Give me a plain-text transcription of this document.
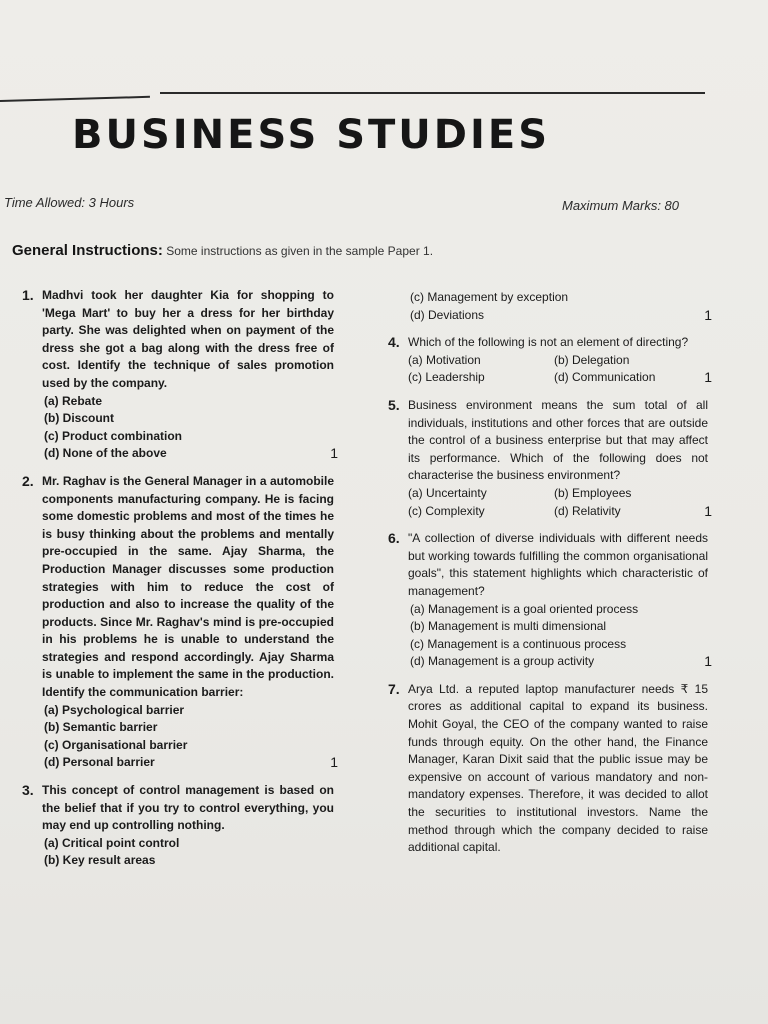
BUSINESS STUDIES
Time Allowed: 3 Hours	Maximum Marks: 80
General Instructions: Some instructions as given in the sample Paper 1.
1. Madhvi took her daughter Kia for shopping to 'Mega Mart' to buy her a dress for her birthday party. She was delighted when on payment of the dress she got a bag along with the dress free of cost. Identify the technique of sales promotion used by the company.
(a) Rebate
(b) Discount
(c) Product combination
(d) None of the above	1
2. Mr. Raghav is the General Manager in a automobile components manufacturing company. He is facing some domestic problems and most of the times he is busy thinking about the problems and mentally pre-occupied in the same. Ajay Sharma, the Production Manager discusses some production strategies with him to reduce the cost of production and also to increase the quality of the products. Since Mr. Raghav's mind is pre-occupied in his problems he is unable to understand the strategies and respond accordingly. Ajay Sharma is unable to implement the same in the production. Identify the communication barrier:
(a) Psychological barrier
(b) Semantic barrier
(c) Organisational barrier
(d) Personal barrier	1
3. This concept of control management is based on the belief that if you try to control everything, you may end up controlling nothing.
(a) Critical point control
(b) Key result areas
(c) Management by exception
(d) Deviations	1
4. Which of the following is not an element of directing?
(a) Motivation	(b) Delegation
(c) Leadership	(d) Communication	1
5. Business environment means the sum total of all individuals, institutions and other forces that are outside the control of a business enterprise but that may affect its performance. Which of the following does not characterise the business environment?
(a) Uncertainty	(b) Employees
(c) Complexity	(d) Relativity	1
6. "A collection of diverse individuals with different needs but working towards fulfilling the common organisational goals", this statement highlights which characteristic of management?
(a) Management is a goal oriented process
(b) Management is multi dimensional
(c) Management is a continuous process
(d) Management is a group activity	1
7. Arya Ltd. a reputed laptop manufacturer needs ₹ 15 crores as additional capital to expand its business. Mohit Goyal, the CEO of the company wanted to raise funds through equity. On the other hand, the Finance Manager, Karan Dixit said that the public issue may be expensive on account of various mandatory and non-mandatory expenses. Therefore, it was decided to allot the securities to institutional investors. Name the method through which the company decided to raise additional capital.
